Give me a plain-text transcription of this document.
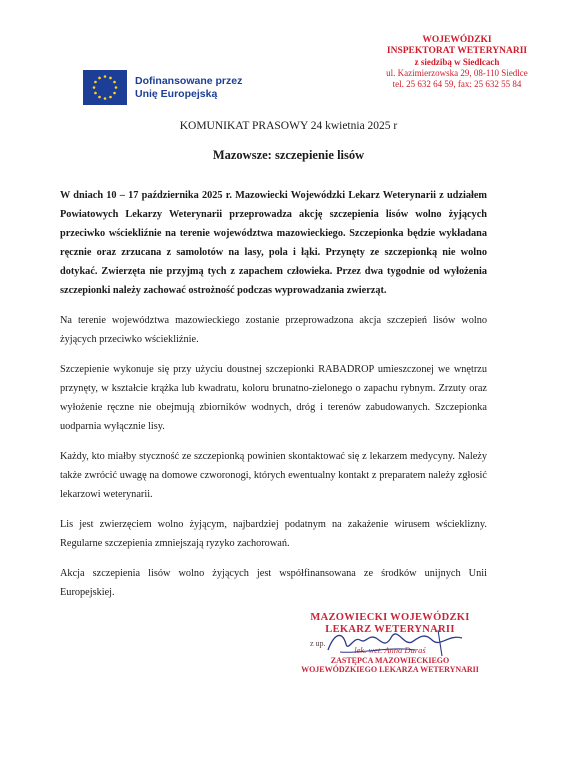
Dofinansowane przez
Unię Europejską
WOJEWÓDZKI
INSPEKTORAT WETERYNARII
z siedzibą w Siedlcach
ul. Kazimierzowska 29, 08-110 Siedlce
tel. 25 632 64 59, fax: 25 632 55 84
KOMUNIKAT PRASOWY 24 kwietnia 2025 r
Mazowsze: szczepienie lisów

W dniach 10 – 17 października 2025 r. Mazowiecki Wojewódzki Lekarz Weterynarii z udziałem Powiatowych Lekarzy Weterynarii przeprowadza akcję szczepienia lisów wolno żyjących przeciwko wściekliźnie na terenie województwa mazowieckiego. Szczepionka będzie wykładana ręcznie oraz zrzucana z samolotów na lasy, pola i łąki. Przynęty ze szczepionką nie wolno dotykać. Zwierzęta nie przyjmą tych z zapachem człowieka. Przez dwa tygodnie od wyłożenia szczepionki należy zachować ostrożność podczas wyprowadzania zwierząt.

Na terenie województwa mazowieckiego zostanie przeprowadzona akcja szczepień lisów wolno żyjących przeciwko wściekliźnie.

Szczepienie wykonuje się przy użyciu doustnej szczepionki RABADROP umieszczonej we wnętrzu przynęty, w kształcie krążka lub kwadratu, koloru brunatno-zielonego o zapachu rybnym. Zrzuty oraz wyłożenie ręczne nie obejmują zbiorników wodnych, dróg i terenów zabudowanych. Szczepionka uodparnia wyłącznie lisy.

Każdy, kto miałby styczność ze szczepionką powinien skontaktować się z lekarzem medycyny. Należy także zwrócić uwagę na domowe czworonogi, których ewentualny kontakt z preparatem należy zgłosić lekarzowi weterynarii.

Lis jest zwierzęciem wolno żyjącym, najbardziej podatnym na zakażenie wirusem wścieklizny. Regularne szczepienia zmniejszają ryzyko zachorowań.

Akcja szczepienia lisów wolno żyjących jest współfinansowana ze środków unijnych Unii Europejskiej.

MAZOWIECKI WOJEWÓDZKI
LEKARZ WETERYNARII
z up.
lek. wet. Anna Duraś
ZASTĘPCA MAZOWIECKIEGO
WOJEWÓDZKIEGO LEKARZA WETERYNARII
